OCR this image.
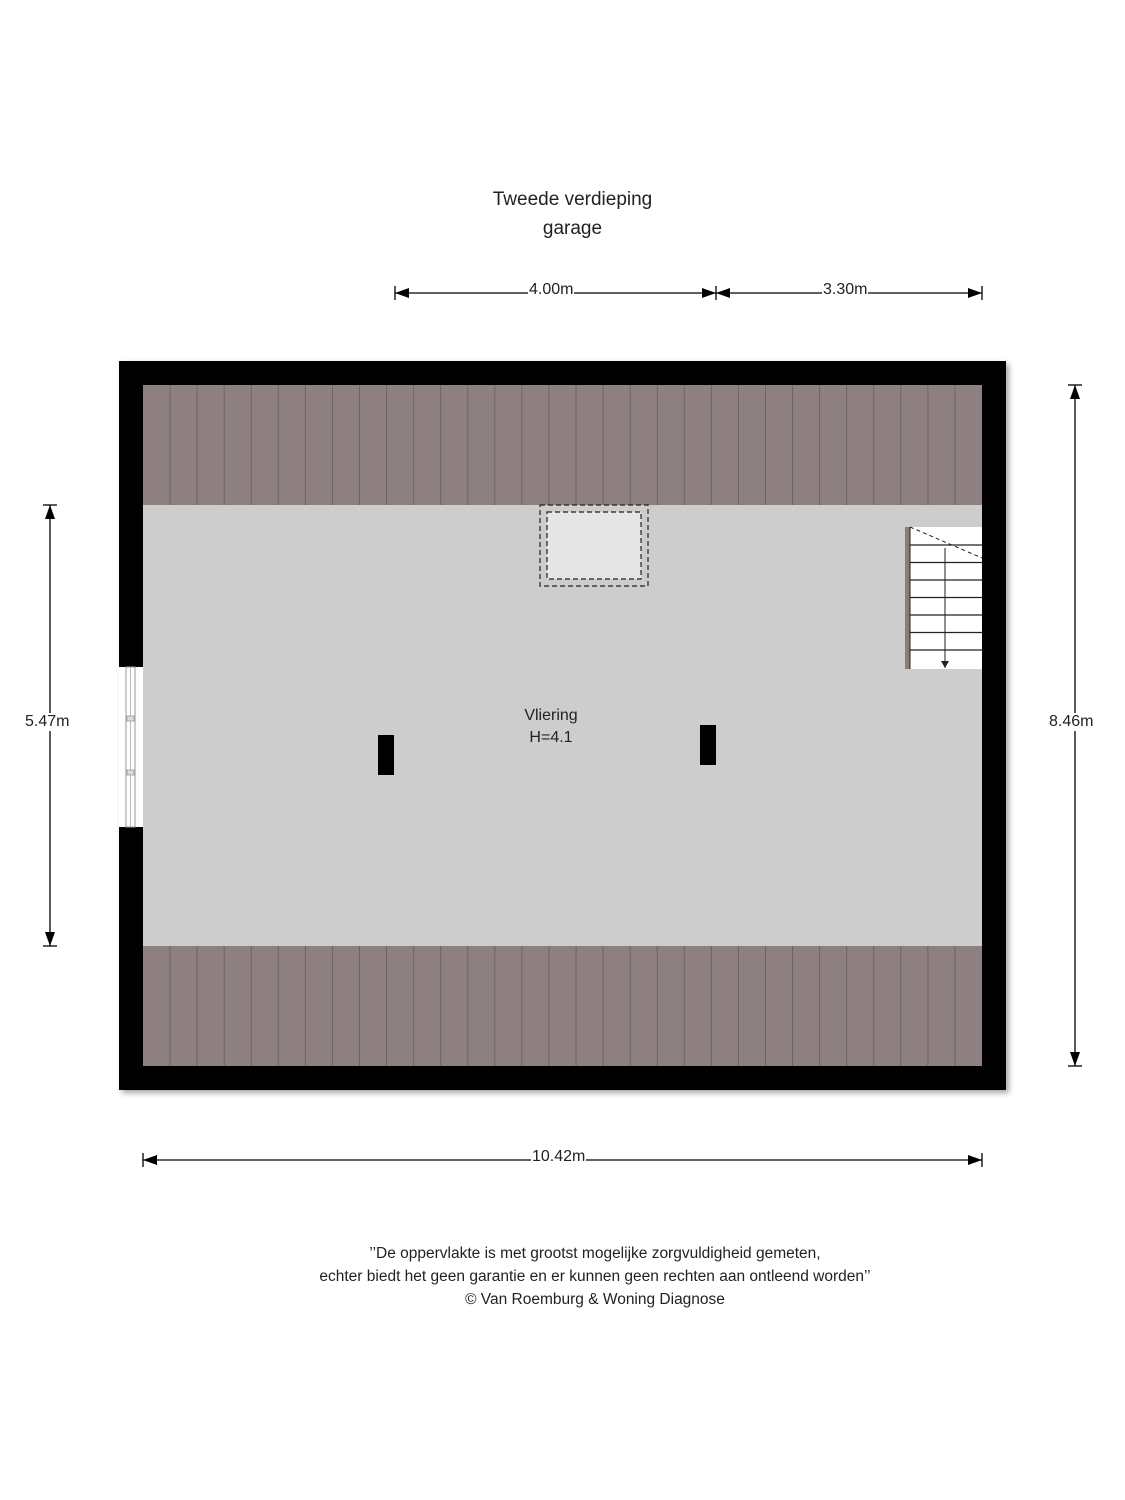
Tweede verdieping
garage
4.00m	3.30m
5.47m	8.46m
10.42m
Vliering
H=4.1
’’De oppervlakte is met grootst mogelijke zorgvuldigheid gemeten,
echter biedt het geen garantie en er kunnen geen rechten aan ontleend worden’’
© Van Roemburg & Woning Diagnose
